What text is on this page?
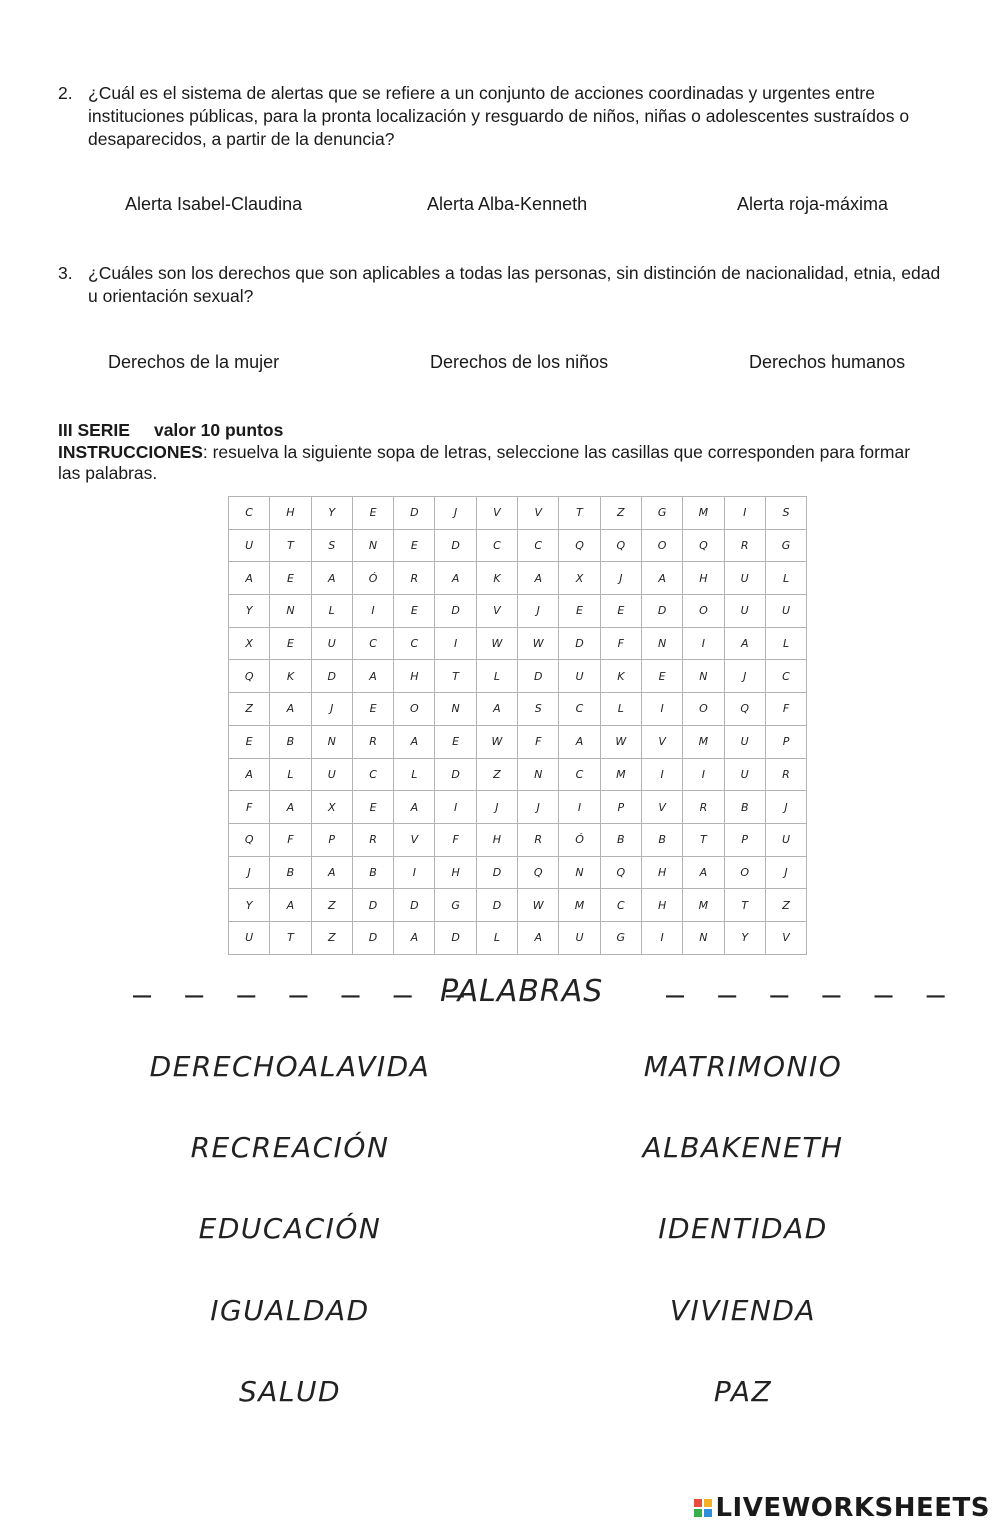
2. ¿Cuál es el sistema de alertas que se refiere a un conjunto de acciones coordinadas y urgentes entre instituciones públicas, para la pronta localización y resguardo de niños, niñas o adolescentes sustraídos o desaparecidos, a partir de la denuncia?
Alerta Isabel-Claudina	Alerta Alba-Kenneth	Alerta roja-máxima
3. ¿Cuáles son los derechos que son aplicables a todas las personas, sin distinción de nacionalidad, etnia, edad u orientación sexual?
Derechos de la mujer	Derechos de los niños	Derechos humanos
III SERIE valor 10 puntos
INSTRUCCIONES: resuelva la siguiente sopa de letras, seleccione las casillas que corresponden para formar las palabras.
C	H	Y	E	D	J	V	V	T	Z	G	M	I	S
U	T	S	N	E	D	C	C	Q	Q	O	Q	R	G
A	E	A	Ó	R	A	K	A	X	J	A	H	U	L
Y	N	L	I	E	D	V	J	E	E	D	O	U	U
X	E	U	C	C	I	W	W	D	F	N	I	A	L
Q	K	D	A	H	T	L	D	U	K	E	N	J	C
Z	A	J	E	O	N	A	S	C	L	I	O	Q	F
E	B	N	R	A	E	W	F	A	W	V	M	U	P
A	L	U	C	L	D	Z	N	C	M	I	I	U	R
F	A	X	E	A	I	J	J	I	P	V	R	B	J
Q	F	P	R	V	F	H	R	Ó	B	B	T	P	U
J	B	A	B	I	H	D	Q	N	Q	H	A	O	J
Y	A	Z	D	D	G	D	W	M	C	H	M	T	Z
U	T	Z	D	A	D	L	A	U	G	I	N	Y	V
– – – – – – –
PALABRAS – – – – – –
DERECHOALAVIDA
RECREACIÓN
EDUCACIÓN
IGUALDAD
SALUD
MATRIMONIO
ALBAKENETH
IDENTIDAD
VIVIENDA
PAZ
LIVEWORKSHEETS
